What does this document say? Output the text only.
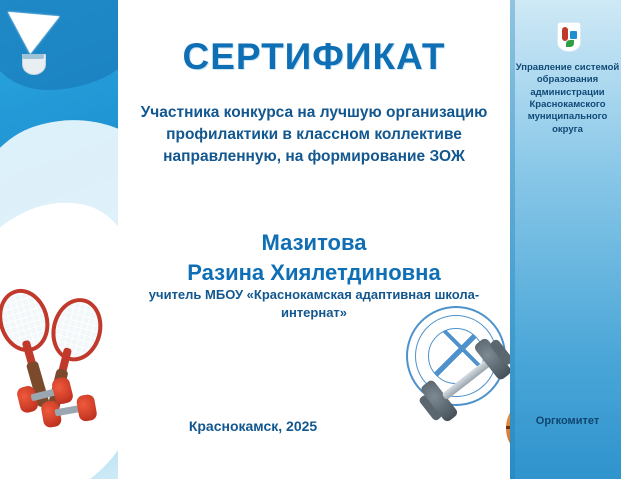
СЕРТИФИКАТ
Участника конкурса на лучшую организацию профилактики в классном коллективе направленную, на формирование ЗОЖ
Мазитова
Разина Хиялетдиновна
учитель МБОУ «Краснокамская адаптивная школа-интернат»
Краснокамск, 2025
Управление системой образования администрации Краснокамского муниципального округа
Оргкомитет
